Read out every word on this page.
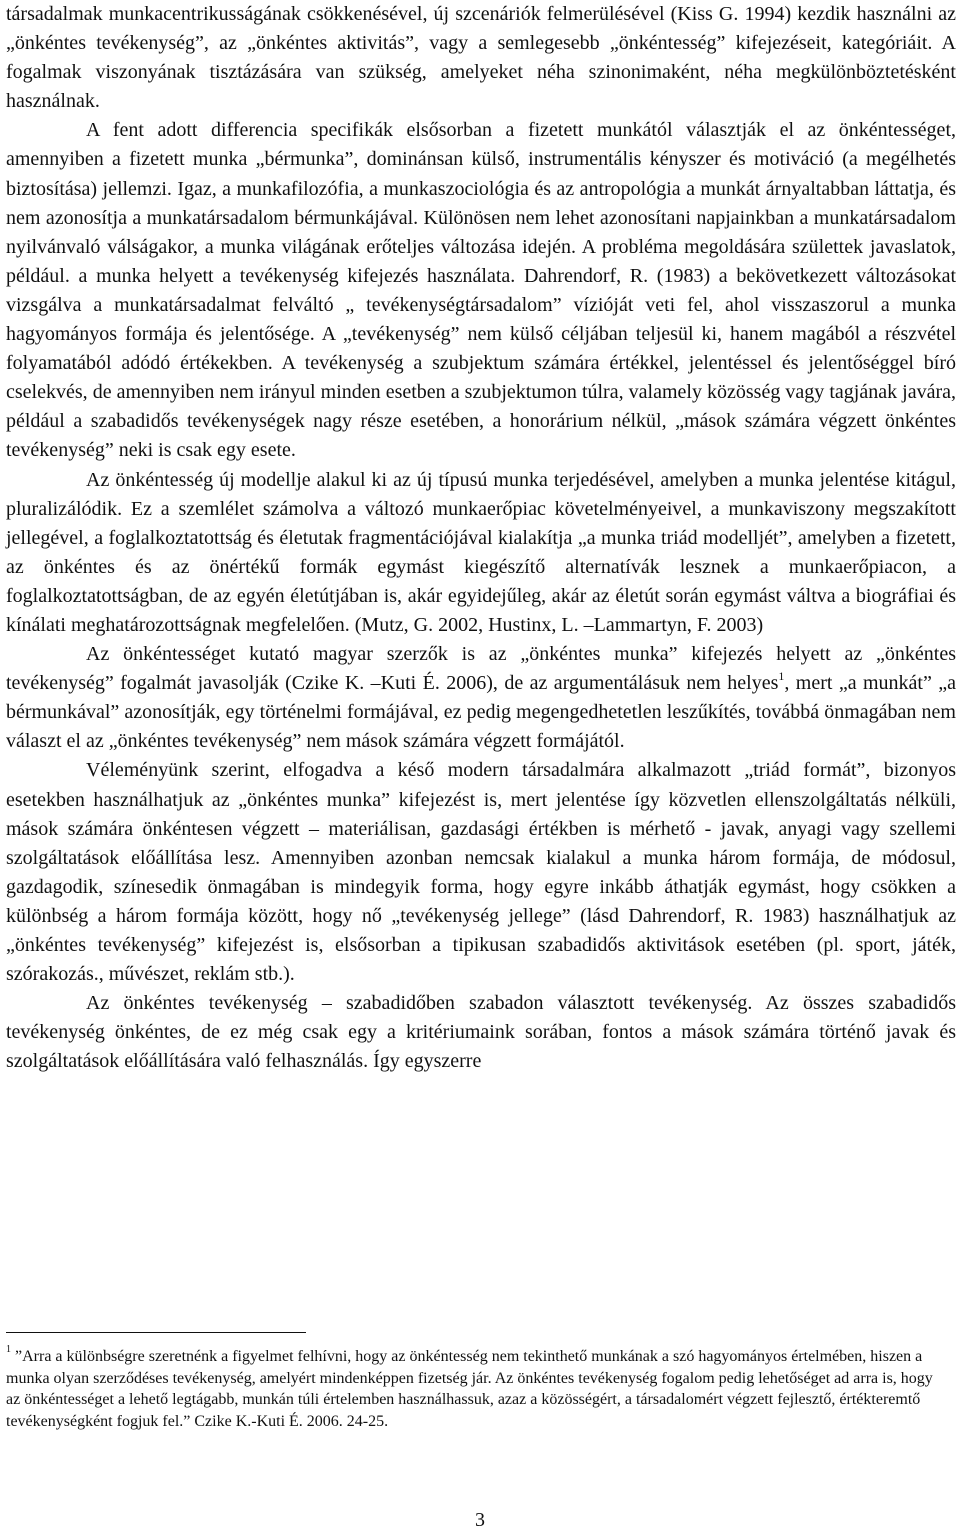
társadalmak munkacentrikusságának csökkenésével, új szcenáriók felmerülésével (Kiss G. 1994) kezdik használni az „önkéntes tevékenység”, az „önkéntes aktivitás”, vagy a semlegesebb „önkéntesség” kifejezéseit, kategóriáit. A fogalmak viszonyának tisztázására van szükség, amelyeket néha szinonimaként, néha megkülönböztetésként használnak.

A fent adott differencia specifikák elsősorban a fizetett munkától választják el az önkéntességet, amennyiben a fizetett munka „bérmunka”, dominánsan külső, instrumentális kényszer és motiváció (a megélhetés biztosítása) jellemzi. Igaz, a munkafilozófia, a munkaszociológia és az antropológia a munkát árnyaltabban láttatja, és nem azonosítja a munkatársadalom bérmunkájával. Különösen nem lehet azonosítani napjainkban a munkatársadalom nyilvánvaló válságakor, a munka világának erőteljes változása idején. A probléma megoldására születtek javaslatok, például. a munka helyett a tevékenység kifejezés használata. Dahrendorf, R. (1983) a bekövetkezett változásokat vizsgálva a munkatársadalmat felváltó „ tevékenységtársadalom” vízióját veti fel, ahol visszaszorul a munka hagyományos formája és jelentősége. A „tevékenység” nem külső céljában teljesül ki, hanem magából a részvétel folyamatából adódó értékekben. A tevékenység a szubjektum számára értékkel, jelentéssel és jelentőséggel bíró cselekvés, de amennyiben nem irányul minden esetben a szubjektumon túlra, valamely közösség vagy tagjának javára, például a szabadidős tevékenységek nagy része esetében, a honorárium nélkül, „mások számára végzett önkéntes tevékenység” neki is csak egy esete.

Az önkéntesség új modellje alakul ki az új típusú munka terjedésével, amelyben a munka jelentése kitágul, pluralizálódik. Ez a szemlélet számolva a változó munkaerőpiac követelményeivel, a munkaviszony megszakított jellegével, a foglalkoztatottság és életutak fragmentációjával kialakítja „a munka triád modelljét”, amelyben a fizetett, az önkéntes és az önértékű formák egymást kiegészítő alternatívák lesznek a munkaerőpiacon, a foglalkoztatottságban, de az egyén életútjában is, akár egyidejűleg, akár az életút során egymást váltva a biográfiai és kínálati meghatározottságnak megfelelően. (Mutz, G. 2002, Hustinx, L. –Lammartyn, F. 2003)

Az önkéntességet kutató magyar szerzők is az „önkéntes munka” kifejezés helyett az „önkéntes tevékenység” fogalmát javasolják (Czike K. –Kuti É. 2006), de az argumentálásuk nem helyes$^1$, mert „a munkát” „a bérmunkával” azonosítják, egy történelmi formájával, ez pedig megengedhetetlen leszűkítés, továbbá önmagában nem választ el az „önkéntes tevékenység” nem mások számára végzett formájától.

Véleményünk szerint, elfogadva a késő modern társadalmára alkalmazott „triád formát”, bizonyos esetekben használhatjuk az „önkéntes munka” kifejezést is, mert jelentése így közvetlen ellenszolgáltatás nélküli, mások számára önkéntesen végzett – materiálisan, gazdasági értékben is mérhető - javak, anyagi vagy szellemi szolgáltatások előállítása lesz. Amennyiben azonban nemcsak kialakul a munka három formája, de módosul, gazdagodik, színesedik önmagában is mindegyik forma, hogy egyre inkább áthatják egymást, hogy csökken a különbség a három formája között, hogy nő „tevékenység jellege” (lásd Dahrendorf, R. 1983) használhatjuk az „önkéntes tevékenység” kifejezést is, elsősorban a tipikusan szabadidős aktivitások esetében (pl. sport, játék, szórakozás., művészet, reklám stb.).

Az önkéntes tevékenység – szabadidőben szabadon választott tevékenység. Az összes szabadidős tevékenység önkéntes, de ez még csak egy a kritériumaink sorában, fontos a mások számára történő javak és szolgáltatások előállítására való felhasználás. Így egyszerre

$^1$ ”Arra a különbségre szeretnénk a figyelmet felhívni, hogy az önkéntesség nem tekinthető munkának a szó hagyományos értelmében, hiszen a munka olyan szerződéses tevékenység, amelyért mindenképpen fizetség jár. Az önkéntes tevékenység fogalom pedig lehetőséget ad arra is, hogy az önkéntességet a lehető legtágabb, munkán túli értelemben használhassuk, azaz a közösségért, a társadalomért végzett fejlesztő, értékteremtő tevékenységként fogjuk fel.” Czike K.-Kuti É. 2006. 24-25.

3
